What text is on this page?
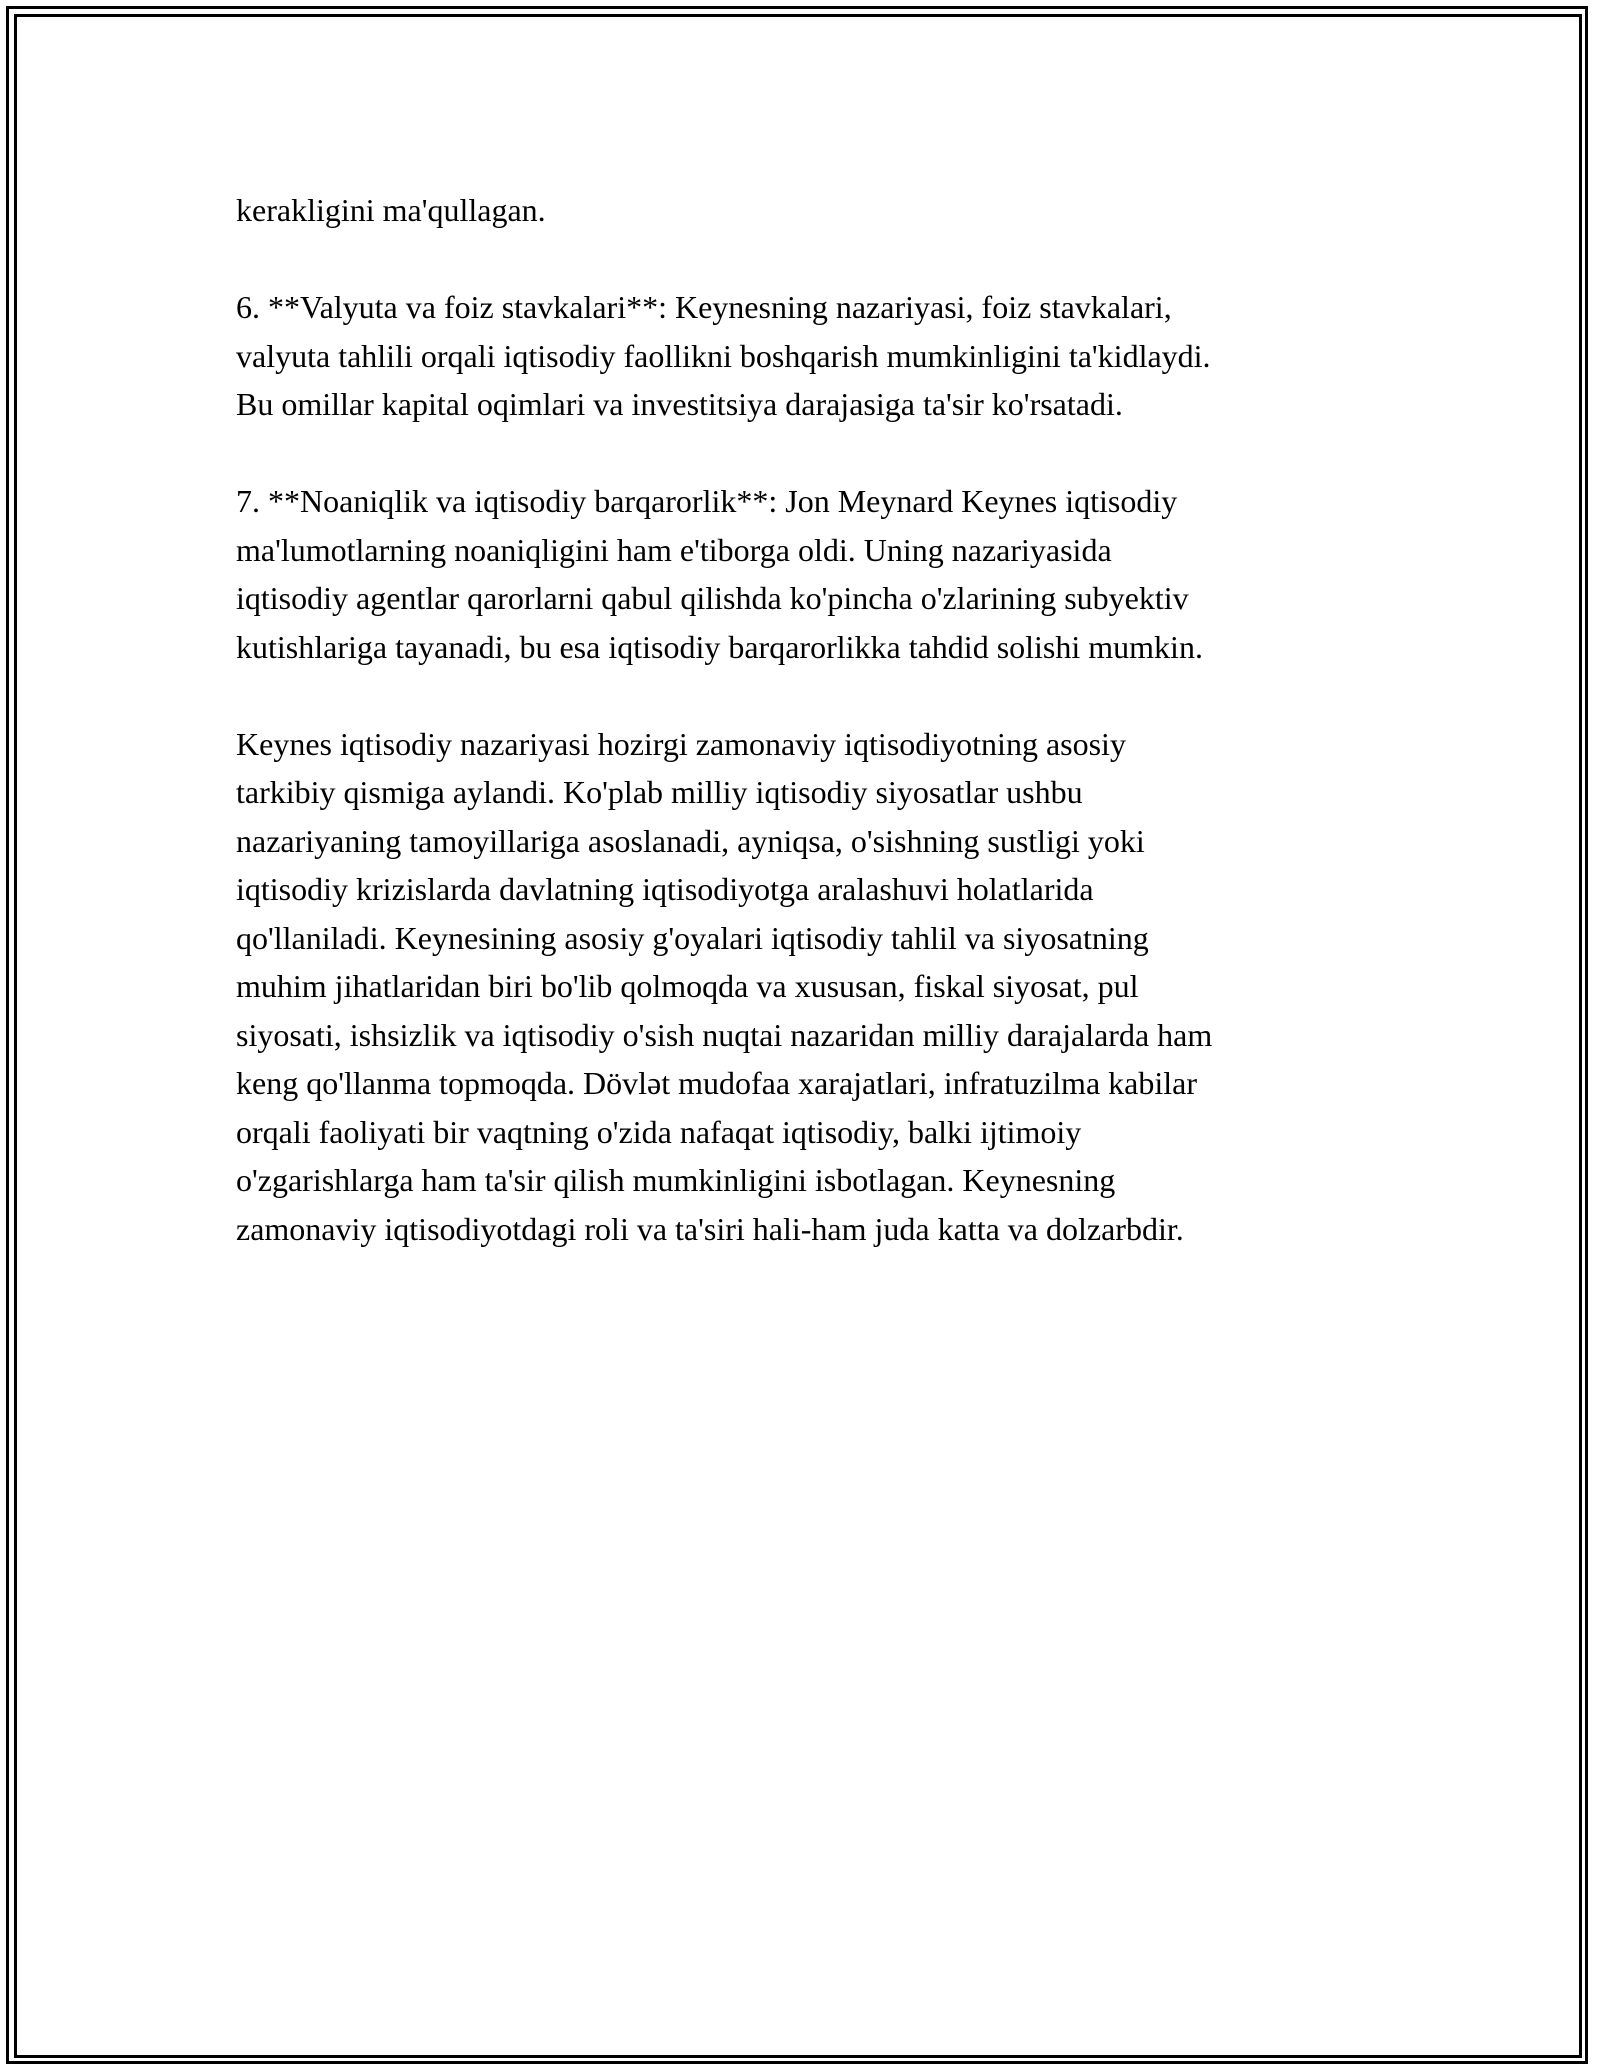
kerakligini ma'qullagan.

6. **Valyuta va foiz stavkalari**: Keynesning nazariyasi, foiz stavkalari,
valyuta tahlili orqali iqtisodiy faollikni boshqarish mumkinligini ta'kidlaydi.
Bu omillar kapital oqimlari va investitsiya darajasiga ta'sir ko'rsatadi.

7. **Noaniqlik va iqtisodiy barqarorlik**: Jon Meynard Keynes iqtisodiy
ma'lumotlarning noaniqligini ham e'tiborga oldi. Uning nazariyasida
iqtisodiy agentlar qarorlarni qabul qilishda ko'pincha o'zlarining subyektiv
kutishlariga tayanadi, bu esa iqtisodiy barqarorlikka tahdid solishi mumkin.

Keynes iqtisodiy nazariyasi hozirgi zamonaviy iqtisodiyotning asosiy
tarkibiy qismiga aylandi. Ko'plab milliy iqtisodiy siyosatlar ushbu
nazariyaning tamoyillariga asoslanadi, ayniqsa, o'sishning sustligi yoki
iqtisodiy krizislarda davlatning iqtisodiyotga aralashuvi holatlarida
qo'llaniladi. Keynesining asosiy g'oyalari iqtisodiy tahlil va siyosatning
muhim jihatlaridan biri bo'lib qolmoqda va xususan, fiskal siyosat, pul
siyosati, ishsizlik va iqtisodiy o'sish nuqtai nazaridan milliy darajalarda ham
keng qo'llanma topmoqda. Dövlət mudofaa xarajatlari, infratuzilma kabilar
orqali faoliyati bir vaqtning o'zida nafaqat iqtisodiy, balki ijtimoiy
o'zgarishlarga ham ta'sir qilish mumkinligini isbotlagan. Keynesning
zamonaviy iqtisodiyotdagi roli va ta'siri hali-ham juda katta va dolzarbdir.
